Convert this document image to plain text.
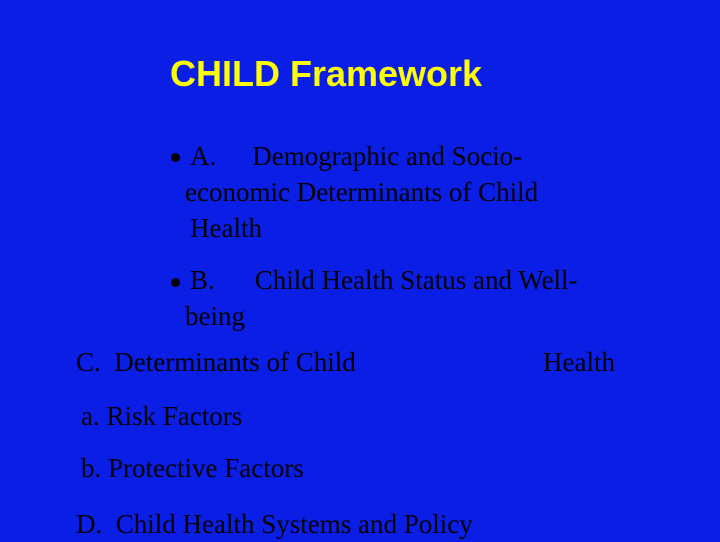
CHILD Framework
A. Demographic and Socio-
economic Determinants of Child
Health
B. Child Health Status and Well-
being
C.  Determinants of Child	Health
a. Risk Factors
b. Protective Factors
D.  Child Health Systems and Policy
